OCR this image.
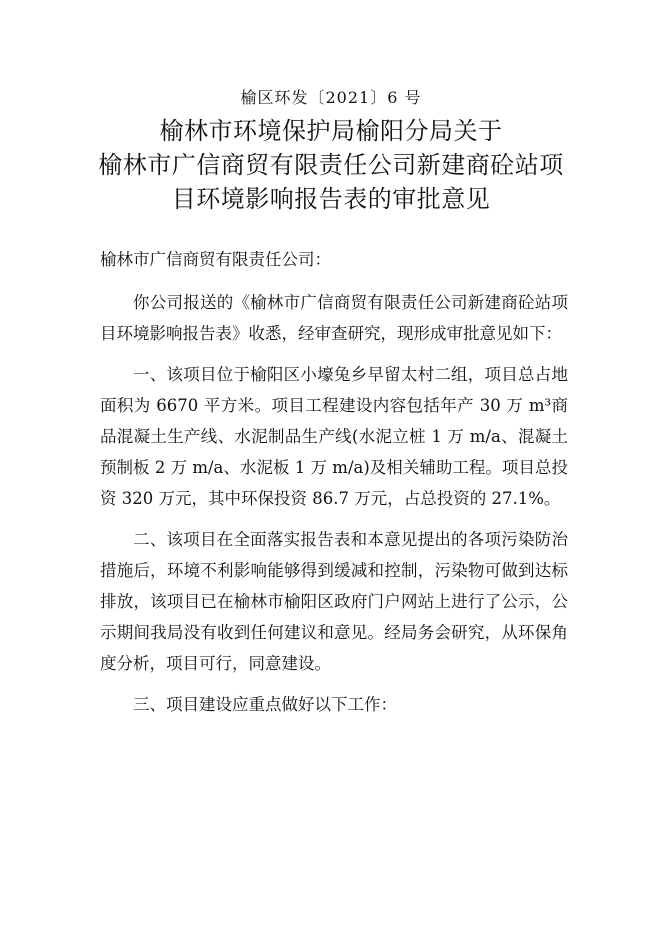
榆区环发〔2021〕6 号
榆林市环境保护局榆阳分局关于
榆林市广信商贸有限责任公司新建商砼站项
目环境影响报告表的审批意见

榆林市广信商贸有限责任公司：

你公司报送的《榆林市广信商贸有限责任公司新建商砼站项目环境影响报告表》收悉，经审查研究，现形成审批意见如下：

一、该项目位于榆阳区小壕兔乡早留太村二组，项目总占地面积为 6670 平方米。项目工程建设内容包括年产 30 万 m³商品混凝土生产线、水泥制品生产线(水泥立桩 1 万 m/a、混凝土预制板 2 万 m/a、水泥板 1 万 m/a)及相关辅助工程。项目总投资 320 万元，其中环保投资 86.7 万元，占总投资的 27.1%。

二、该项目在全面落实报告表和本意见提出的各项污染防治措施后，环境不利影响能够得到缓减和控制，污染物可做到达标排放，该项目已在榆林市榆阳区政府门户网站上进行了公示，公示期间我局没有收到任何建议和意见。经局务会研究，从环保角度分析，项目可行，同意建设。

三、项目建设应重点做好以下工作：
